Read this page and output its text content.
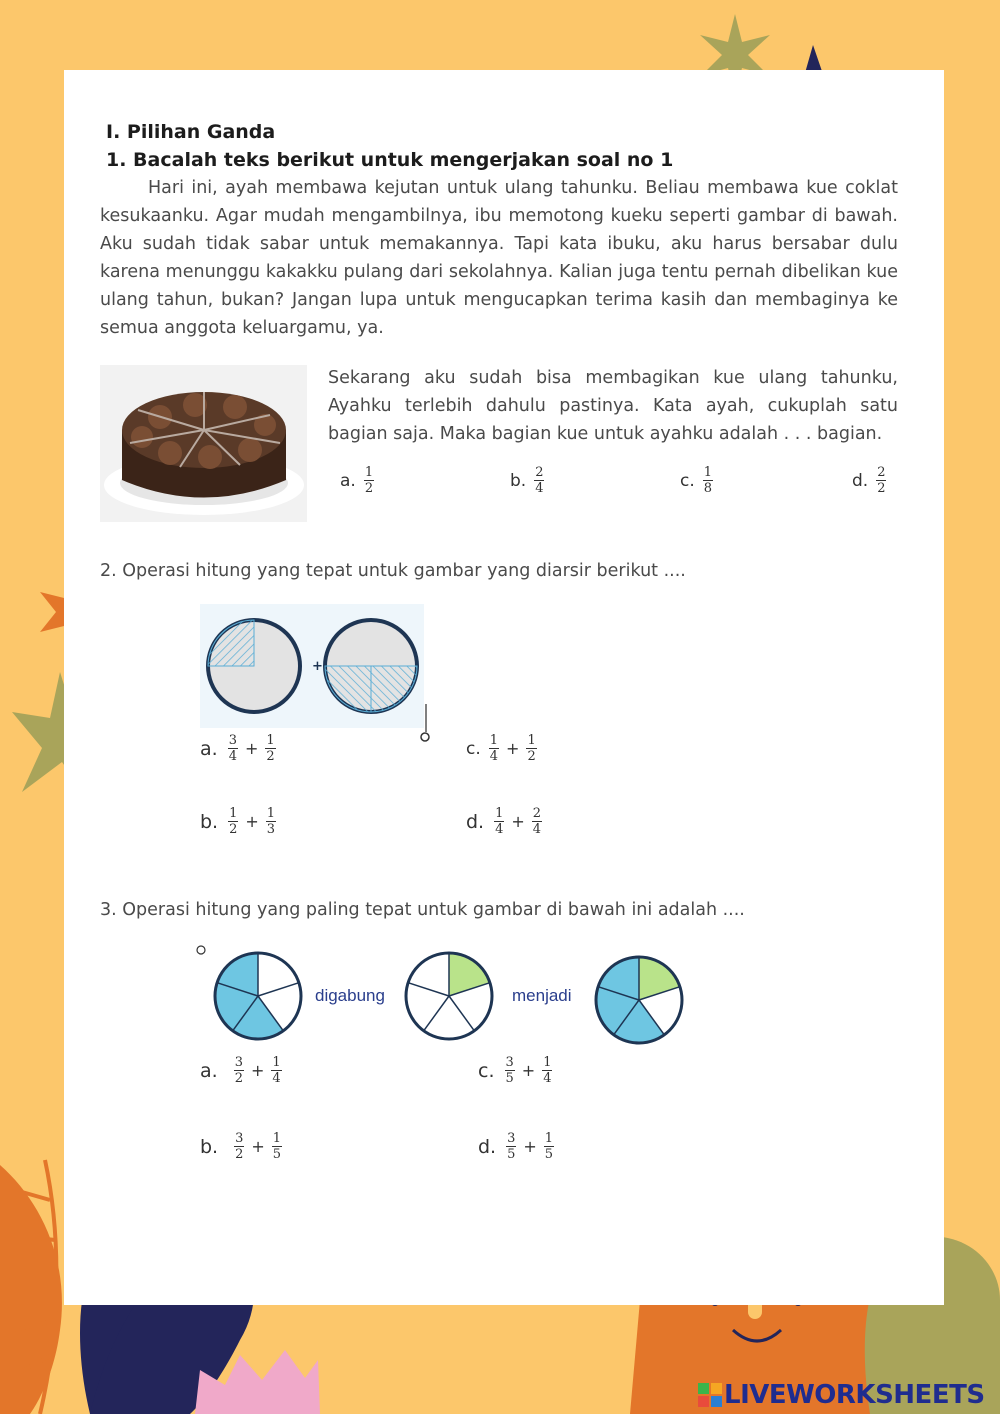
I. Pilihan Ganda
1. Bacalah teks berikut untuk mengerjakan soal no 1
Hari ini, ayah membawa kejutan untuk ulang tahunku. Beliau membawa kue coklat kesukaanku. Agar mudah mengambilnya, ibu memotong kueku seperti gambar di bawah. Aku sudah tidak sabar untuk memakannya. Tapi kata ibuku, aku harus bersabar dulu karena menunggu kakakku pulang dari sekolahnya. Kalian juga tentu pernah dibelikan kue ulang tahun, bukan? Jangan lupa untuk mengucapkan terima kasih dan membaginya ke semua anggota keluargamu, ya.
Sekarang aku sudah bisa membagikan kue ulang tahunku, Ayahku terlebih dahulu pastinya. Kata ayah, cukuplah satu bagian saja. Maka bagian kue untuk ayahku adalah . . . bagian.
a. $\frac{1}{2}$	b. $\frac{2}{4}$	c. $\frac{1}{8}$	d. $\frac{2}{2}$
2. Operasi hitung yang tepat untuk gambar yang diarsir berikut ....
+
a. $\frac{3}{4} + \frac{1}{2}$	c. $\frac{1}{4} + \frac{1}{2}$
b. $\frac{1}{2} + \frac{1}{3}$	d. $\frac{1}{4} + \frac{2}{4}$
3. Operasi hitung yang paling tepat untuk gambar di bawah ini adalah ....
digabung	menjadi
a. $\frac{3}{2} + \frac{1}{4}$	c. $\frac{3}{5} + \frac{1}{4}$
b. $\frac{3}{2} + \frac{1}{5}$	d. $\frac{3}{5} + \frac{1}{5}$
LIVEWORKSHEETS
